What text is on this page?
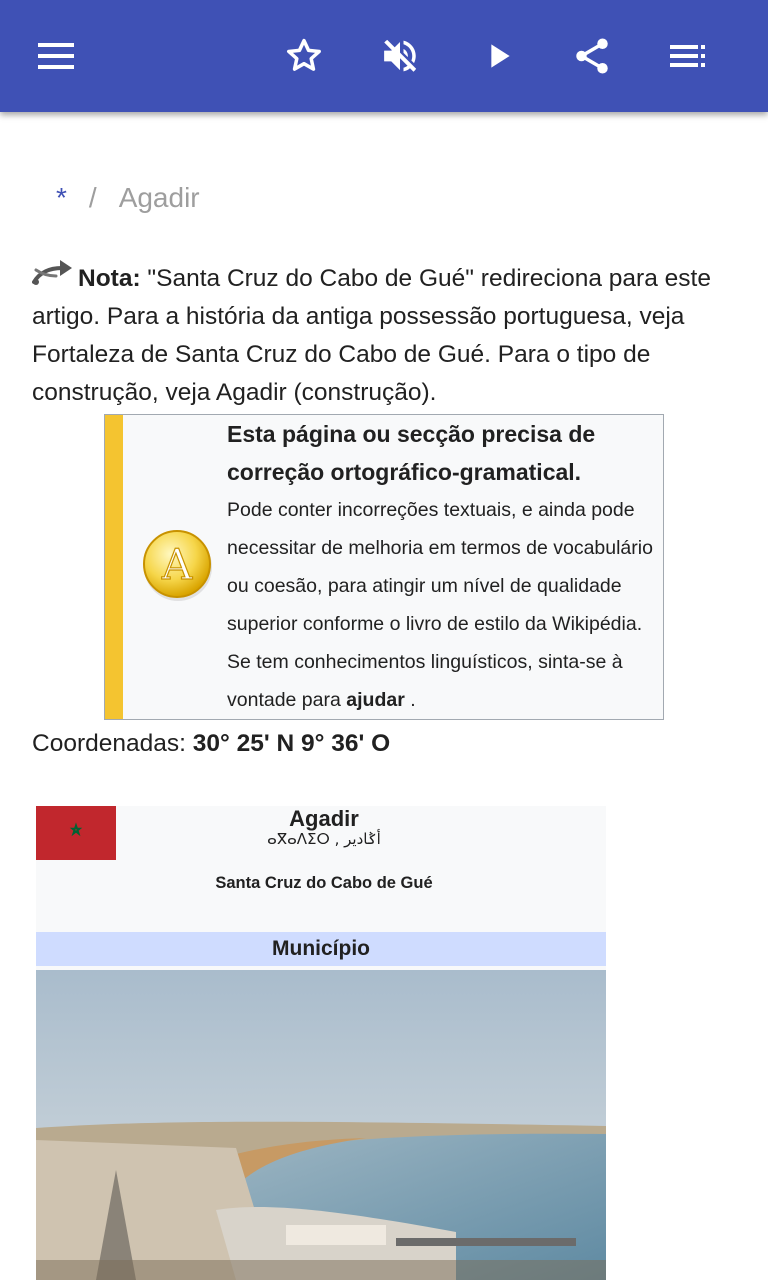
* / Agadir
Nota: "Santa Cruz do Cabo de Gué" redireciona para este artigo. Para a história da antiga possessão portuguesa, veja Fortaleza de Santa Cruz do Cabo de Gué. Para o tipo de construção, veja Agadir (construção).
A
Esta página ou secção precisa de correção ortográfico-gramatical.
Pode conter incorreções textuais, e ainda pode necessitar de melhoria em termos de vocabulário ou coesão, para atingir um nível de qualidade superior conforme o livro de estilo da Wikipédia. Se tem conhecimentos linguísticos, sinta-se à vontade para ajudar .
Coordenadas: 30° 25' N 9° 36' O
Agadir
ⴰⴳⴰⴷⵉⵔ , أݣادير
Santa Cruz do Cabo de Gué
Município
